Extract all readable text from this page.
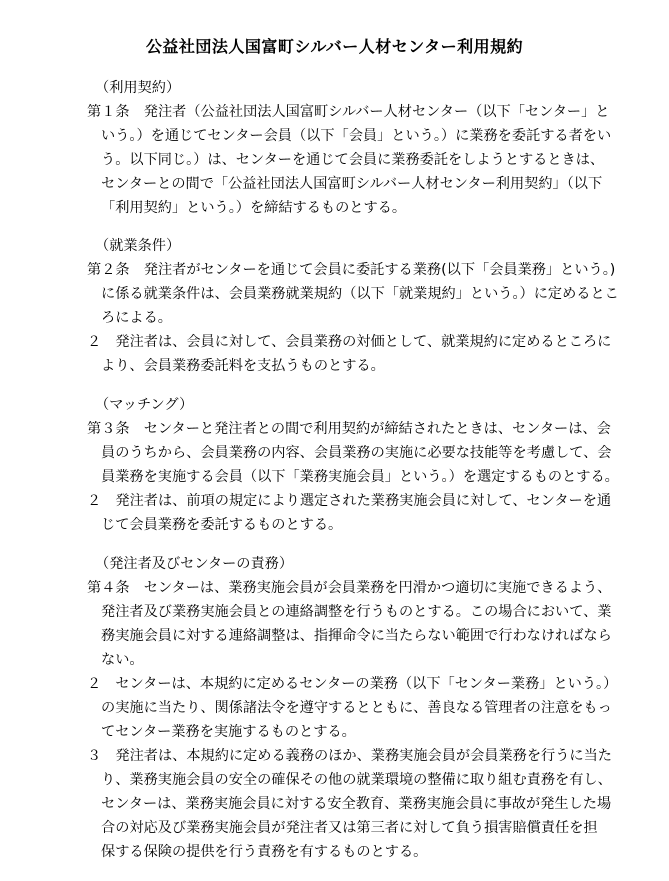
公益社団法人国富町シルバー人材センター利用規約
（利用契約）
第１条　発注者（公益社団法人国富町シルバー人材センター（以下「センター」と
いう。）を通じてセンター会員（以下「会員」という。）に業務を委託する者をい
う。以下同じ。）は、センターを通じて会員に業務委託をしようとするときは、
センターとの間で「公益社団法人国富町シルバー人材センター利用契約」（以下
「利用契約」という。）を締結するものとする。
（就業条件）
第２条　発注者がセンターを通じて会員に委託する業務(以下「会員業務」という。)
に係る就業条件は、会員業務就業規約（以下「就業規約」という。）に定めるとこ
ろによる。
２　発注者は、会員に対して、会員業務の対価として、就業規約に定めるところに
より、会員業務委託料を支払うものとする。
（マッチング）
第３条　センターと発注者との間で利用契約が締結されたときは、センターは、会
員のうちから、会員業務の内容、会員業務の実施に必要な技能等を考慮して、会
員業務を実施する会員（以下「業務実施会員」という。）を選定するものとする。
２　発注者は、前項の規定により選定された業務実施会員に対して、センターを通
じて会員業務を委託するものとする。
（発注者及びセンターの責務）
第４条　センターは、業務実施会員が会員業務を円滑かつ適切に実施できるよう、
発注者及び業務実施会員との連絡調整を行うものとする。この場合において、業
務実施会員に対する連絡調整は、指揮命令に当たらない範囲で行わなければなら
ない。
２　センターは、本規約に定めるセンターの業務（以下「センター業務」という。）
の実施に当たり、関係諸法令を遵守するとともに、善良なる管理者の注意をもっ
てセンター業務を実施するものとする。
３　発注者は、本規約に定める義務のほか、業務実施会員が会員業務を行うに当た
り、業務実施会員の安全の確保その他の就業環境の整備に取り組む責務を有し、
センターは、業務実施会員に対する安全教育、業務実施会員に事故が発生した場
合の対応及び業務実施会員が発注者又は第三者に対して負う損害賠償責任を担
保する保険の提供を行う責務を有するものとする。
